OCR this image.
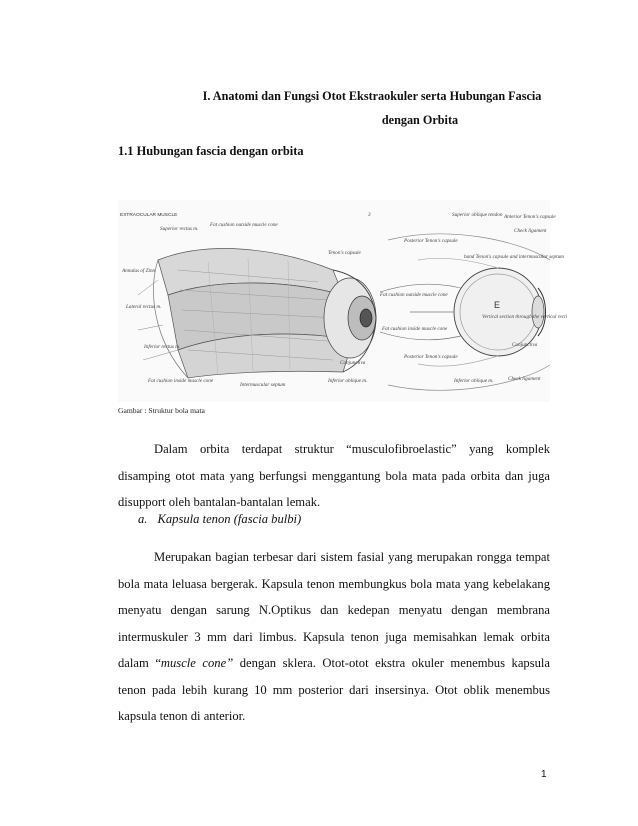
I. Anatomi dan Fungsi Otot Ekstraokuler serta Hubungan Fascia
dengan Orbita
1.1 Hubungan fascia dengan orbita
EXTRAOCULAR MUSCLE	3
Superior rectus m.
Fat cushion outside muscle cone
Annulus of Zinn
Tenon's capsule
Lateral rectus m.
Inferior rectus m.
Conjunctiva
Fat cushion inside muscle cone
Intermuscular septum
Inferior oblique m.
Superior oblique tendon Anterior Tenon's capsule
Check ligament
Posterior Tenon's capsule
band Tenon's capsule and intermuscular septum
Fat cushion outside muscle cone
E
Vertical section through the vertical recti
Fat cushion inside muscle cone
Conjunctiva
Posterior Tenon's capsule
Inferior oblique m.	Check ligament
Gambar : Struktur bola mata

Dalam orbita terdapat struktur “musculofibroelastic” yang komplek disamping otot mata yang berfungsi menggantung bola mata pada orbita dan juga disupport oleh bantalan-bantalan lemak.

a. Kapsula tenon (fascia bulbi)

Merupakan bagian terbesar dari sistem fasial yang merupakan rongga tempat bola mata leluasa bergerak. Kapsula tenon membungkus bola mata yang kebelakang menyatu dengan sarung N.Optikus dan kedepan menyatu dengan membrana intermuskuler 3 mm dari limbus. Kapsula tenon juga memisahkan lemak orbita dalam “muscle cone” dengan sklera. Otot-otot ekstra okuler menembus kapsula tenon pada lebih kurang 10 mm posterior dari insersinya. Otot oblik menembus kapsula tenon di anterior.

1
